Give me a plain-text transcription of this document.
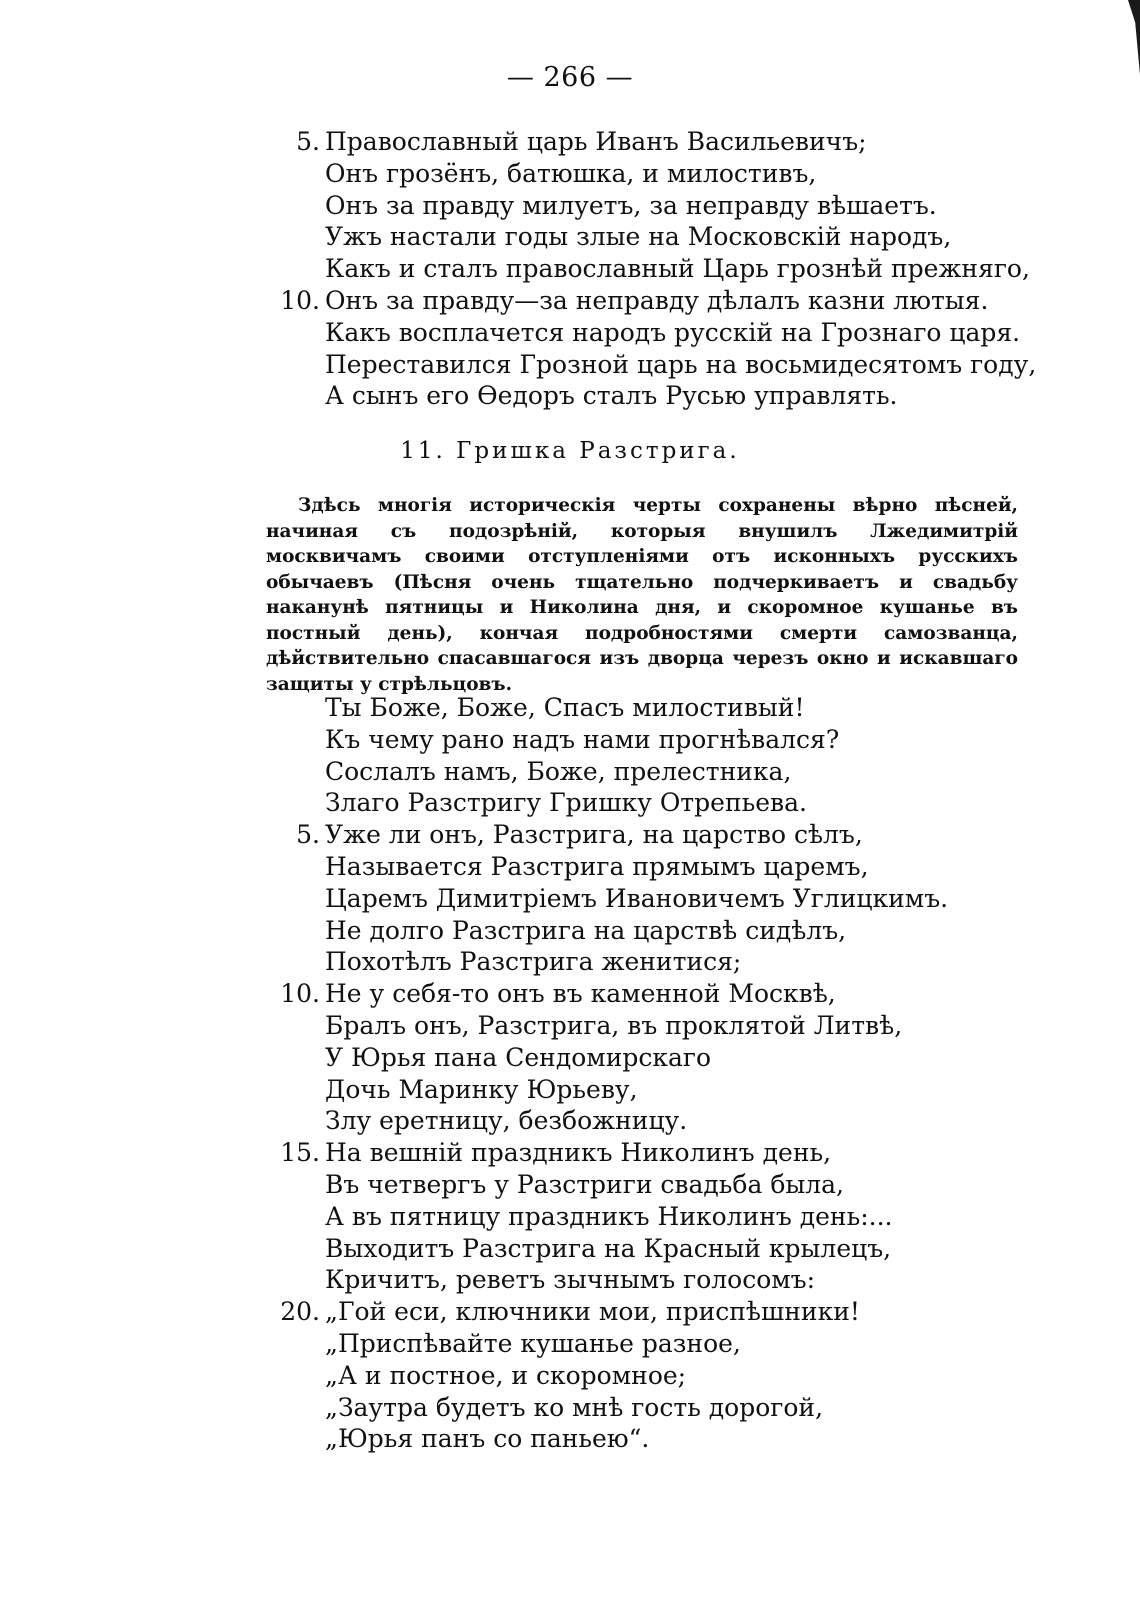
— 266 —
5. Православный царь Иванъ Васильевичъ;
Онъ грозёнъ, батюшка, и милостивъ,
Онъ за правду милуетъ, за неправду вѣшаетъ.
Ужъ настали годы злые на Московскій народъ,
Какъ и сталъ православный Царь грознѣй прежняго,
10. Онъ за правду—за неправду дѣлалъ казни лютыя.
Какъ восплачется народъ русскій на Грознаго царя.
Переставился Грозной царь на восьмидесятомъ году,
А сынъ его Ѳедоръ сталъ Русью управлять.
11. Гришка Разстрига.
Здѣсь многія историческія черты сохранены вѣрно пѣсней, начиная съ подозрѣній, которыя внушилъ Лжедимитрій москвичамъ своими отступленіями отъ исконныхъ русскихъ обычаевъ (Пѣсня очень тщательно подчеркиваетъ и свадьбу наканунѣ пятницы и Николина дня, и скоромное кушанье въ постный день), кончая подробностями смерти самозванца, дѣйствительно спасавшагося изъ дворца черезъ окно и искавшаго защиты у стрѣльцовъ.
Ты Боже, Боже, Спасъ милостивый!
Къ чему рано надъ нами прогнѣвался?
Сослалъ намъ, Боже, прелестника,
Злаго Разстригу Гришку Отрепьева.
5. Уже ли онъ, Разстрига, на царство сѣлъ,
Называется Разстрига прямымъ царемъ,
Царемъ Димитріемъ Ивановичемъ Углицкимъ.
Не долго Разстрига на царствѣ сидѣлъ,
Похотѣлъ Разстрига женитися;
10. Не у себя-то онъ въ каменной Москвѣ,
Бралъ онъ, Разстрига, въ проклятой Литвѣ,
У Юрья пана Сендомирскаго
Дочь Маринку Юрьеву,
Злу еретницу, безбожницу.
15. На вешній праздникъ Николинъ день,
Въ четвергъ у Разстриги свадьба была,
А въ пятницу праздникъ Николинъ день:...
Выходитъ Разстрига на Красный крылецъ,
Кричитъ, реветъ зычнымъ голосомъ:
20. „Гой еси, ключники мои, приспѣшники!
„Приспѣвайте кушанье разное,
„А и постное, и скоромное;
„Заутра будетъ ко мнѣ гость дорогой,
„Юрья панъ со паньею“.
